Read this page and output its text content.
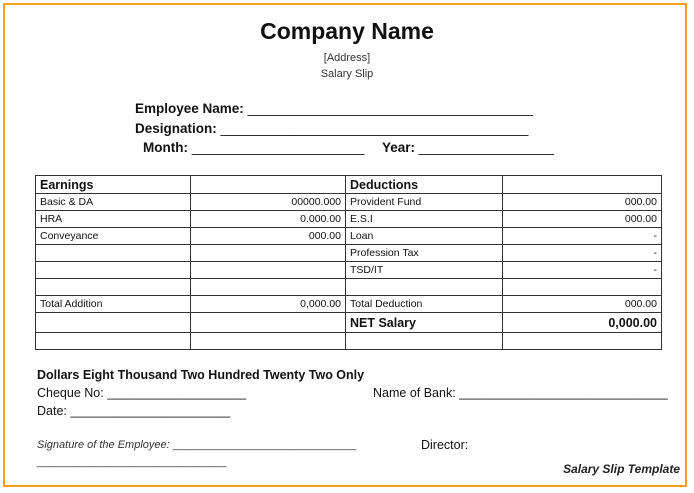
Company Name
[Address]
Salary Slip
Employee Name: ______________________________________
Designation: _________________________________________
Month: _______________________ Year: __________________
Earnings		Deductions	
Basic & DA	00000.000	Provident Fund	000.00
HRA	0.000.00	E.S.I	000.00
Conveyance	000.00	Loan	-
		Profession Tax	-
		TSD/IT	-

Total Addition	0,000.00	Total Deduction	000.00
		NET Salary	0,000.00

Dollars Eight Thousand Two Hundred Twenty Two Only
Cheque No: ____________________	Name of Bank: ______________________________
Date: _______________________
Signature of the Employee: ______________________________
_______________________________
Director:
Salary Slip Template
